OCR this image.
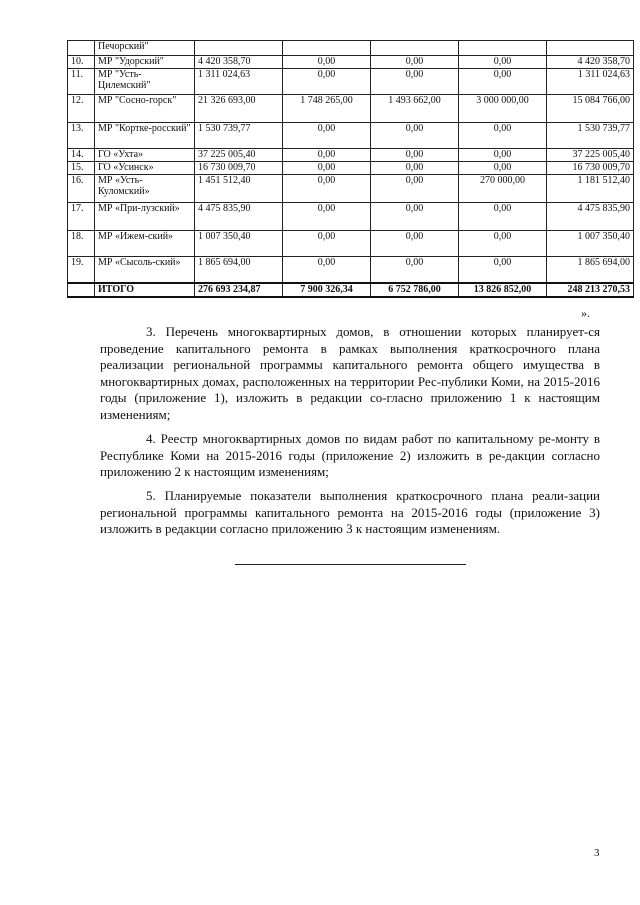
	Печорский"					
10.	МР "Удорский"	4 420 358,70	0,00	0,00	0,00	4 420 358,70
11.	МР "Усть-Цилемский"	1 311 024,63	0,00	0,00	0,00	1 311 024,63
12.	МР "Сосно-горск"	21 326 693,00	1 748 265,00	1 493 662,00	3 000 000,00	15 084 766,00
13.	МР "Кортке-росский"	1 530 739,77	0,00	0,00	0,00	1 530 739,77
14.	ГО «Ухта»	37 225 005,40	0,00	0,00	0,00	37 225 005,40
15.	ГО «Усинск»	16 730 009,70	0,00	0,00	0,00	16 730 009,70
16.	МР «Усть-Куломский»	1 451 512,40	0,00	0,00	270 000,00	1 181 512,40
17.	МР «При-лузский»	4 475 835,90	0,00	0,00	0,00	4 475 835,90
18.	МР «Ижем-ский»	1 007 350,40	0,00	0,00	0,00	1 007 350,40
19.	МР «Сысоль-ский»	1 865 694,00	0,00	0,00	0,00	1 865 694,00
	ИТОГО	276 693 234,87	7 900 326,34	6 752 786,00	13 826 852,00	248 213 270,53
».
3. Перечень многоквартирных домов, в отношении которых планирует-ся проведение капитального ремонта в рамках выполнения краткосрочного плана реализации региональной программы капитального ремонта общего имущества в многоквартирных домах, расположенных на территории Рес-публики Коми, на 2015-2016 годы (приложение 1), изложить в редакции со-гласно приложению 1 к настоящим изменениям;
4. Реестр многоквартирных домов по видам работ по капитальному ре-монту в Республике Коми на 2015-2016 годы (приложение 2) изложить в ре-дакции согласно приложению 2 к настоящим изменениям;
5. Планируемые показатели выполнения краткосрочного плана реали-зации региональной программы капитального ремонта на 2015-2016 годы (приложение 3) изложить в редакции согласно приложению 3 к настоящим изменениям.
3
